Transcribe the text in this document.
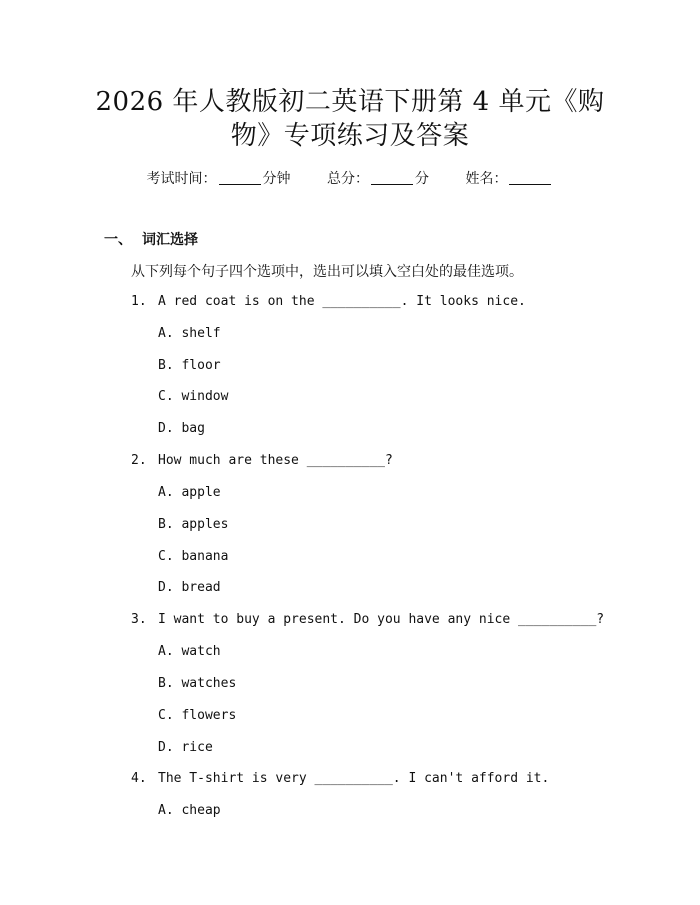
2026 年人教版初二英语下册第 4 单元《购
物》专项练习及答案
考试时间：	分钟	总分：	分	姓名：
一、 词汇选择
从下列每个句子四个选项中，选出可以填入空白处的最佳选项。
1. A red coat is on the __________. It looks nice.
A. shelf
B. floor
C. window
D. bag
2. How much are these __________?
A. apple
B. apples
C. banana
D. bread
3. I want to buy a present. Do you have any nice __________?
A. watch
B. watches
C. flowers
D. rice
4. The T-shirt is very __________. I can't afford it.
A. cheap
